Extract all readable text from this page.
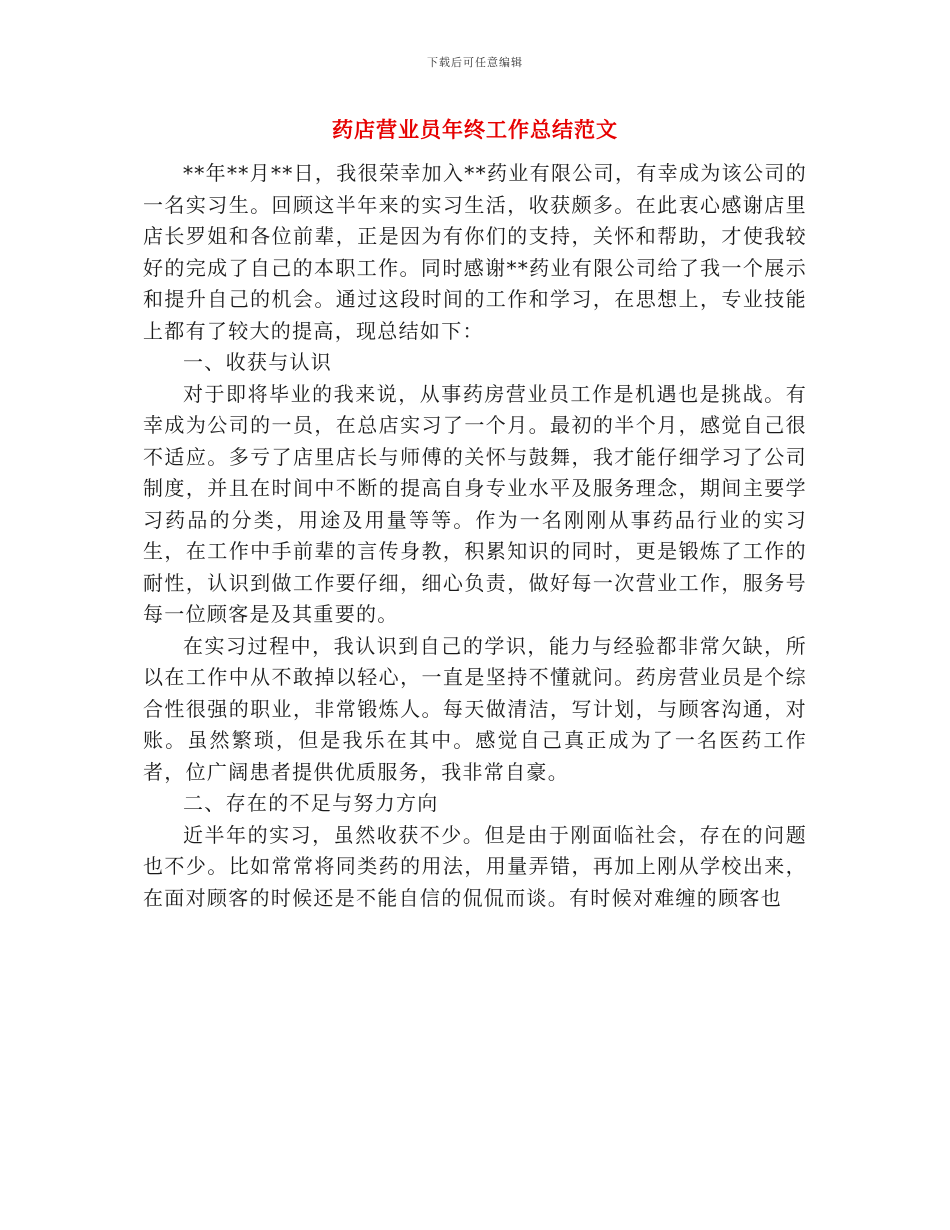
下载后可任意编辑
药店营业员年终工作总结范文

**年**月**日，我很荣幸加入**药业有限公司，有幸成为该公司的一名实习生。回顾这半年来的实习生活，收获颇多。在此衷心感谢店里店长罗姐和各位前辈，正是因为有你们的支持，关怀和帮助，才使我较好的完成了自己的本职工作。同时感谢**药业有限公司给了我一个展示和提升自己的机会。通过这段时间的工作和学习，在思想上，专业技能上都有了较大的提高，现总结如下：

一、收获与认识

对于即将毕业的我来说，从事药房营业员工作是机遇也是挑战。有幸成为公司的一员，在总店实习了一个月。最初的半个月，感觉自己很不适应。多亏了店里店长与师傅的关怀与鼓舞，我才能仔细学习了公司制度，并且在时间中不断的提高自身专业水平及服务理念，期间主要学习药品的分类，用途及用量等等。作为一名刚刚从事药品行业的实习生，在工作中手前辈的言传身教，积累知识的同时，更是锻炼了工作的耐性，认识到做工作要仔细，细心负责，做好每一次营业工作，服务号每一位顾客是及其重要的。

在实习过程中，我认识到自己的学识，能力与经验都非常欠缺，所以在工作中从不敢掉以轻心，一直是坚持不懂就问。药房营业员是个综合性很强的职业，非常锻炼人。每天做清洁，写计划，与顾客沟通，对账。虽然繁琐，但是我乐在其中。感觉自己真正成为了一名医药工作者，位广阔患者提供优质服务，我非常自豪。

二、存在的不足与努力方向

近半年的实习，虽然收获不少。但是由于刚面临社会，存在的问题也不少。比如常常将同类药的用法，用量弄错，再加上刚从学校出来，在面对顾客的时候还是不能自信的侃侃而谈。有时候对难缠的顾客也
